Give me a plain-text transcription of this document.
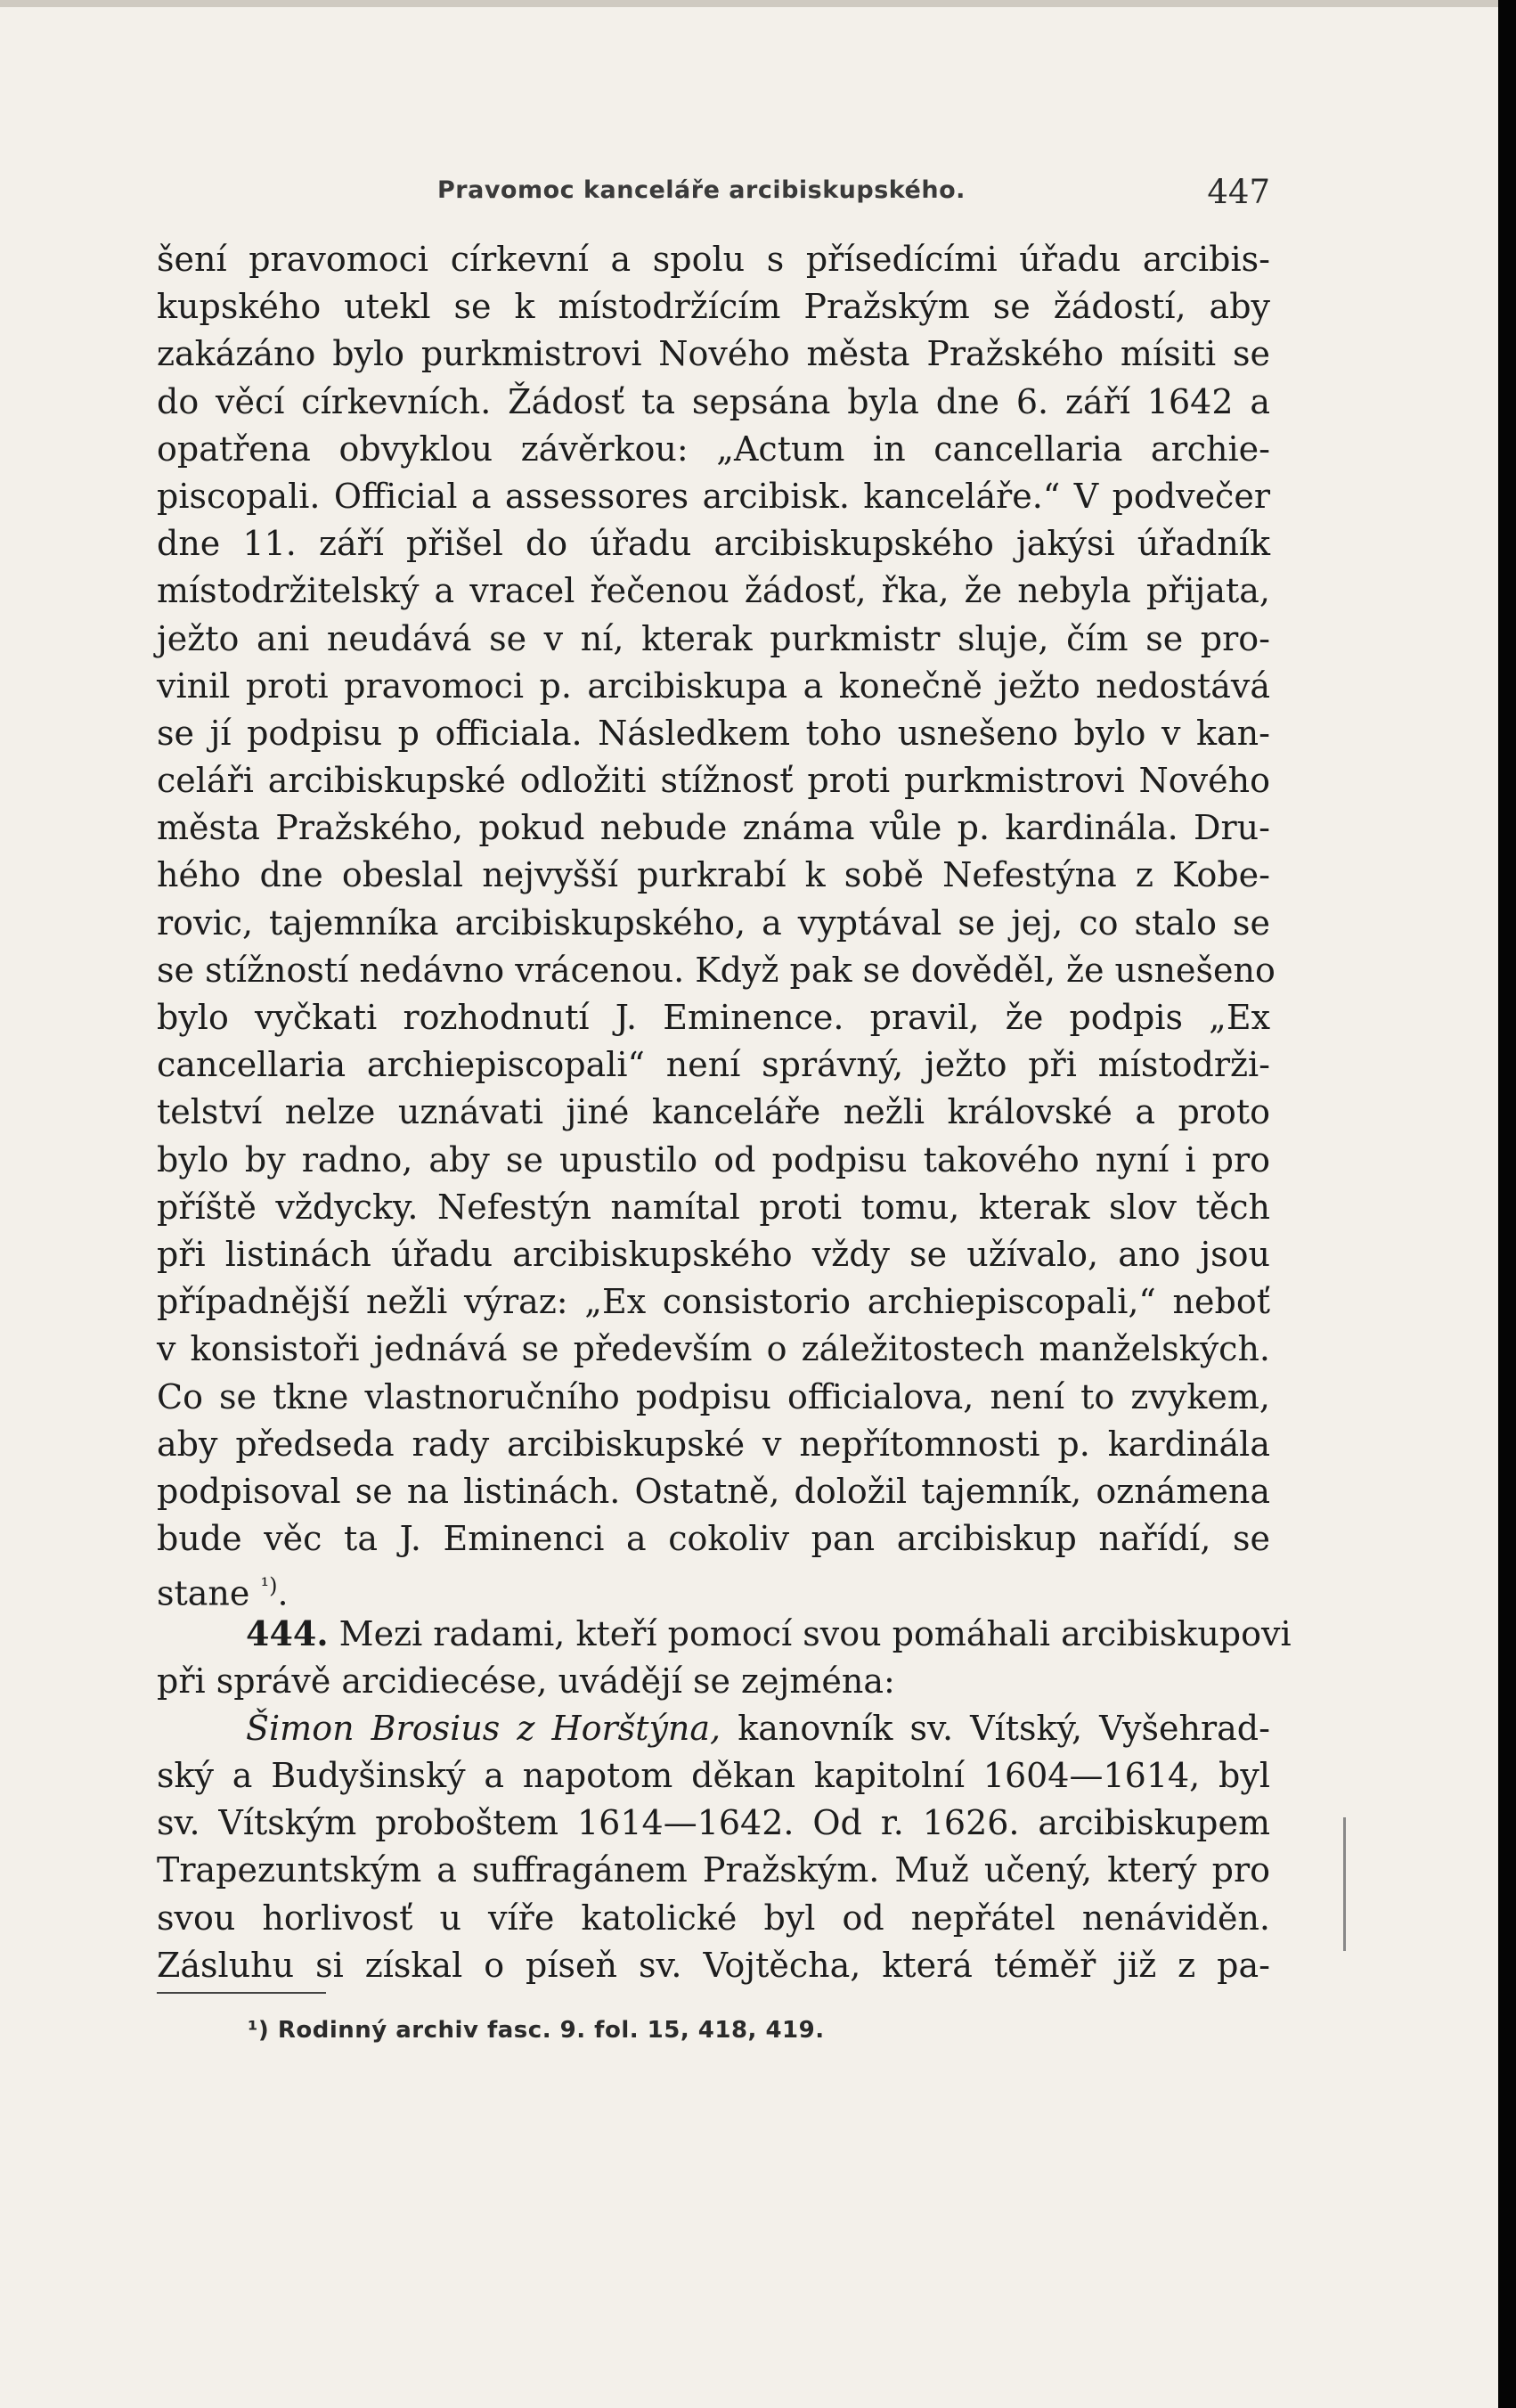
Pravomoc kanceláře arcibiskupského.	447
šení pravomoci církevní a spolu s přísedícími úřadu arcibis-
kupského utekl se k místodržícím Pražským se žádostí, aby
zakázáno bylo purkmistrovi Nového města Pražského mísiti se
do věcí církevních. Žádosť ta sepsána byla dne 6. září 1642 a
opatřena obvyklou závěrkou: „Actum in cancellaria archie-
piscopali. Official a assessores arcibisk. kanceláře.“ V podvečer
dne 11. září přišel do úřadu arcibiskupského jakýsi úřadník
místodržitelský a vracel řečenou žádosť, řka, že nebyla přijata,
ježto ani neudává se v ní, kterak purkmistr sluje, čím se pro-
vinil proti pravomoci p. arcibiskupa a konečně ježto nedostává
se jí podpisu p officiala. Následkem toho usnešeno bylo v kan-
celáři arcibiskupské odložiti stížnosť proti purkmistrovi Nového
města Pražského, pokud nebude známa vůle p. kardinála. Dru-
hého dne obeslal nejvyšší purkrabí k sobě Nefestýna z Kobe-
rovic, tajemníka arcibiskupského, a vyptával se jej, co stalo se
se stížností nedávno vrácenou. Když pak se dověděl, že usnešeno
bylo vyčkati rozhodnutí J. Eminence. pravil, že podpis „Ex
cancellaria archiepiscopali“ není správný, ježto při místodrži-
telství nelze uznávati jiné kanceláře nežli královské a proto
bylo by radno, aby se upustilo od podpisu takového nyní i pro
příště vždycky. Nefestýn namítal proti tomu, kterak slov těch
při listinách úřadu arcibiskupského vždy se užívalo, ano jsou
případnější nežli výraz: „Ex consistorio archiepiscopali,“ neboť
v konsistoři jednává se především o záležitostech manželských.
Co se tkne vlastnoručního podpisu officialova, není to zvykem,
aby předseda rady arcibiskupské v nepřítomnosti p. kardinála
podpisoval se na listinách. Ostatně, doložil tajemník, oznámena
bude věc ta J. Eminenci a cokoliv pan arcibiskup nařídí, se
stane $^{^1)}$.
444. Mezi radami, kteří pomocí svou pomáhali arcibiskupovi
při správě arcidiecése, uvádějí se zejména:
Šimon Brosius z Horštýna, kanovník sv. Vítský, Vyšehrad-
ský a Budyšinský a napotom děkan kapitolní 1604—1614, byl
sv. Vítským proboštem 1614—1642. Od r. 1626. arcibiskupem
Trapezuntským a suffragánem Pražským. Muž učený, který pro
svou horlivosť u víře katolické byl od nepřátel nenáviděn.
Zásluhu si získal o píseň sv. Vojtěcha, která téměř již z pa-
¹) Rodinný archiv fasc. 9. fol. 15, 418, 419.
